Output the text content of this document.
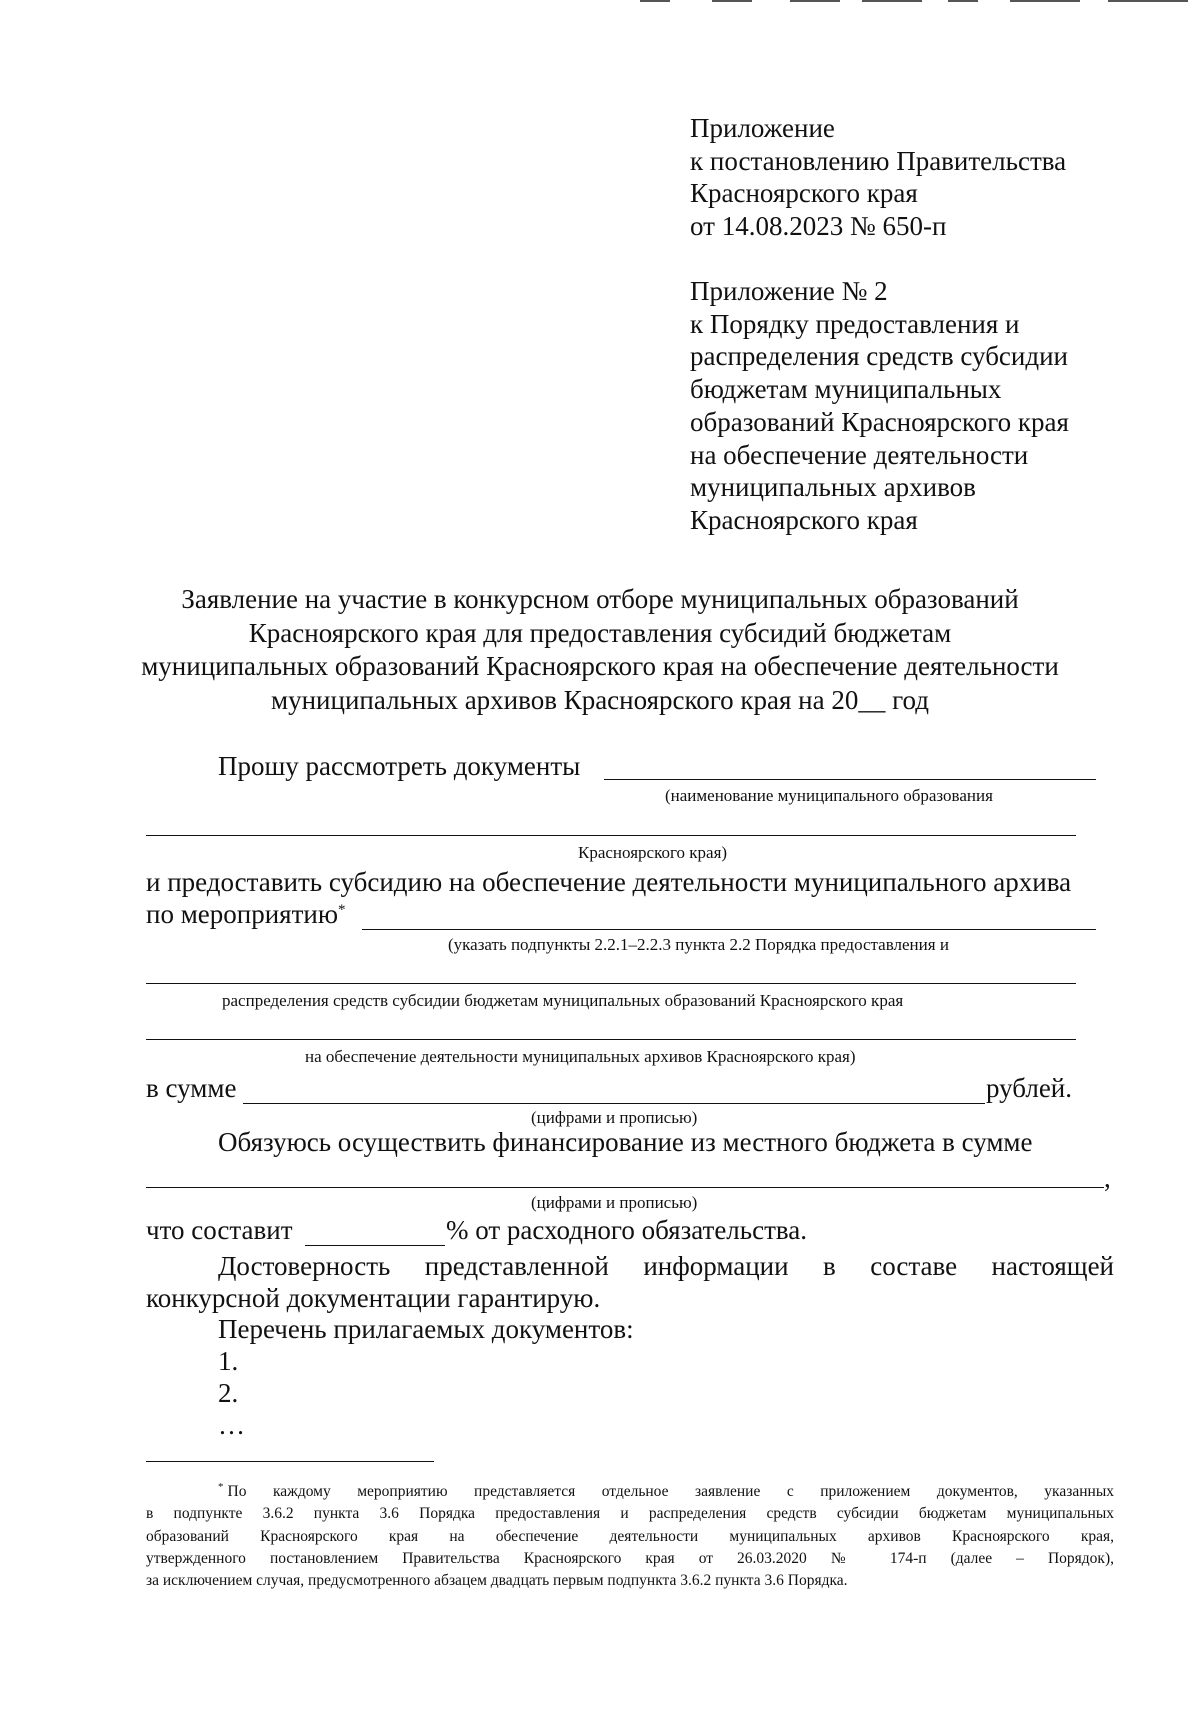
Приложение
к постановлению Правительства
Красноярского края
от 14.08.2023 № 650-п
Приложение № 2
к Порядку предоставления и
распределения средств субсидии
бюджетам муниципальных
образований Красноярского края
на обеспечение деятельности
муниципальных архивов
Красноярского края
Заявление на участие в конкурсном отборе муниципальных образований
Красноярского края для предоставления субсидий бюджетам
муниципальных образований Красноярского края на обеспечение деятельности
муниципальных архивов Красноярского края на 20__ год
Прошу рассмотреть документы
(наименование муниципального образования
Красноярского края)
и предоставить субсидию на обеспечение деятельности муниципального архива
по мероприятию*
(указать подпункты 2.2.1–2.2.3 пункта 2.2 Порядка предоставления и
распределения средств субсидии бюджетам муниципальных образований Красноярского края
на обеспечение деятельности муниципальных архивов Красноярского края)
в сумме	рублей.
(цифрами и прописью)
Обязуюсь осуществить финансирование из местного бюджета в сумме
,
(цифрами и прописью)
что составит	% от расходного обязательства.
Достоверность представленной информации в составе настоящей
конкурсной документации гарантирую.
Перечень прилагаемых документов:
1.
2.
…
* По каждому мероприятию представляется отдельное заявление с приложением документов, указанных
в подпункте 3.6.2 пункта 3.6 Порядка предоставления и распределения средств субсидии бюджетам муниципальных
образований Красноярского края на обеспечение деятельности муниципальных архивов Красноярского края,
утвержденного постановлением Правительства Красноярского края от 26.03.2020 № 174-п (далее – Порядок),
за исключением случая, предусмотренного абзацем двадцать первым подпункта 3.6.2 пункта 3.6 Порядка.
